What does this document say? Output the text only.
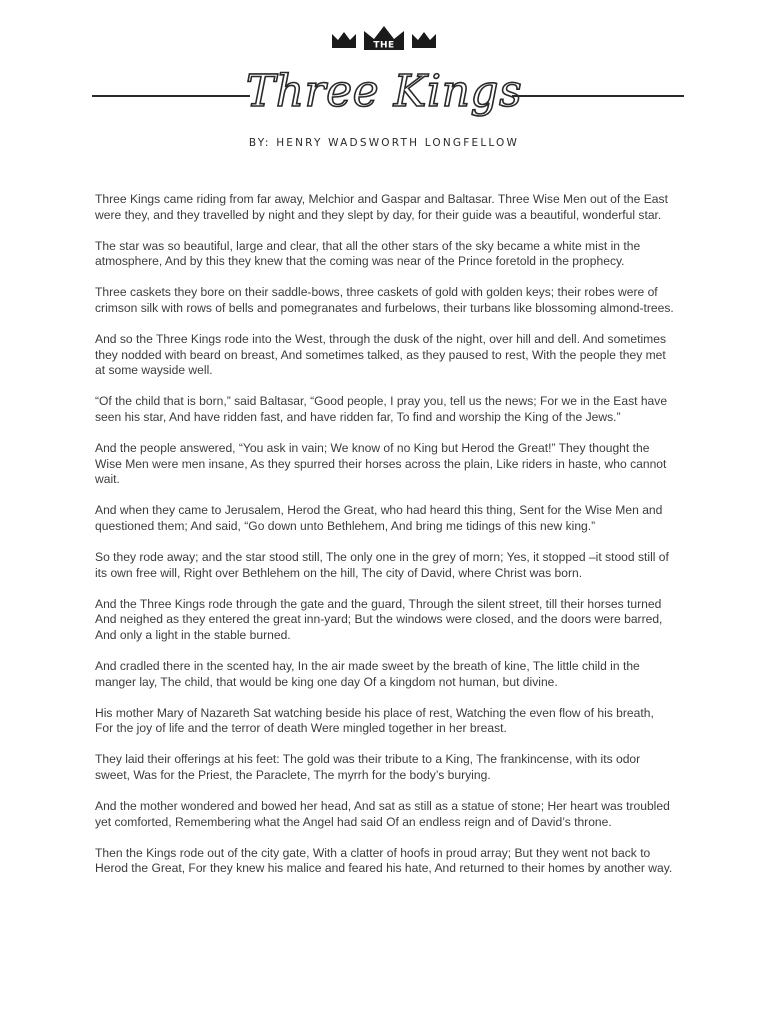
THE
Three Kings
BY: HENRY WADSWORTH LONGFELLOW

Three Kings came riding from far away, Melchior and Gaspar and Baltasar. Three Wise Men out of the East were they, and they travelled by night and they slept by day, for their guide was a beautiful, wonderful star.

The star was so beautiful, large and clear, that all the other stars of the sky became a white mist in the atmosphere, And by this they knew that the coming was near of the Prince foretold in the prophecy.

Three caskets they bore on their saddle-bows, three caskets of gold with golden keys; their robes were of crimson silk with rows of bells and pomegranates and furbelows, their turbans like blossoming almond-trees.

And so the Three Kings rode into the West, through the dusk of the night, over hill and dell. And sometimes they nodded with beard on breast, And sometimes talked, as they paused to rest, With the people they met at some wayside well.

“Of the child that is born,” said Baltasar, “Good people, I pray you, tell us the news; For we in the East have seen his star, And have ridden fast, and have ridden far, To find and worship the King of the Jews.”

And the people answered, “You ask in vain; We know of no King but Herod the Great!” They thought the Wise Men were men insane, As they spurred their horses across the plain, Like riders in haste, who cannot wait.

And when they came to Jerusalem, Herod the Great, who had heard this thing, Sent for the Wise Men and questioned them; And said, “Go down unto Bethlehem, And bring me tidings of this new king.”

So they rode away; and the star stood still, The only one in the grey of morn; Yes, it stopped –it stood still of its own free will, Right over Bethlehem on the hill, The city of David, where Christ was born.

And the Three Kings rode through the gate and the guard, Through the silent street, till their horses turned And neighed as they entered the great inn-yard; But the windows were closed, and the doors were barred, And only a light in the stable burned.

And cradled there in the scented hay, In the air made sweet by the breath of kine, The little child in the manger lay, The child, that would be king one day Of a kingdom not human, but divine.

His mother Mary of Nazareth Sat watching beside his place of rest, Watching the even flow of his breath, For the joy of life and the terror of death Were mingled together in her breast.

They laid their offerings at his feet: The gold was their tribute to a King, The frankincense, with its odor sweet, Was for the Priest, the Paraclete, The myrrh for the body’s burying.

And the mother wondered and bowed her head, And sat as still as a statue of stone; Her heart was troubled yet comforted, Remembering what the Angel had said Of an endless reign and of David’s throne.

Then the Kings rode out of the city gate, With a clatter of hoofs in proud array; But they went not back to Herod the Great, For they knew his malice and feared his hate, And returned to their homes by another way.
